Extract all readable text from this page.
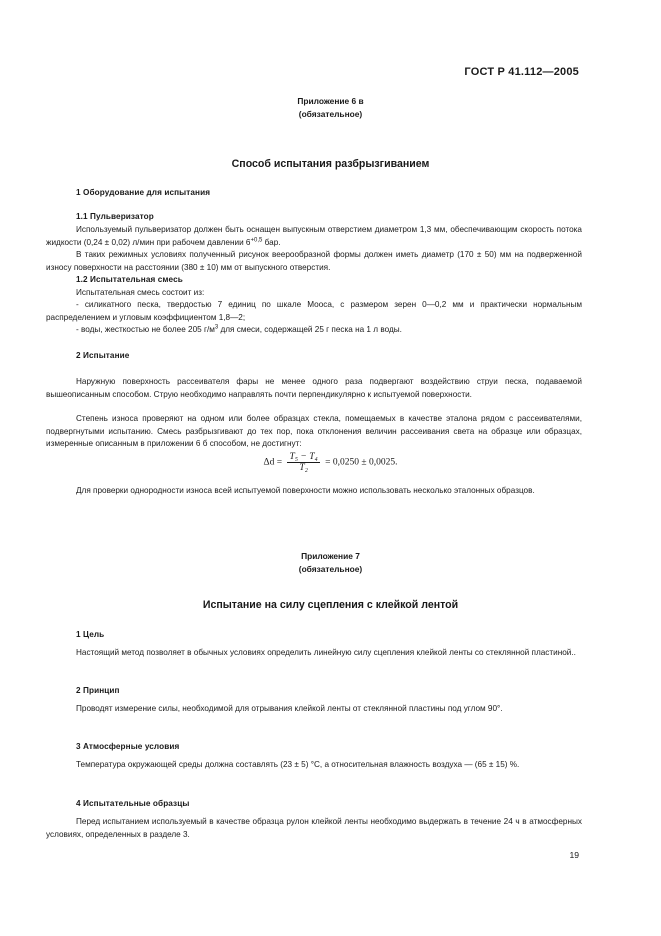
ГОСТ Р 41.112—2005
Приложение 6 в
(обязательное)
Способ испытания разбрызгиванием
1 Оборудование для испытания
1.1 Пульверизатор
Используемый пульверизатор должен быть оснащен выпускным отверстием диаметром 1,3 мм, обеспечивающим скорость потока жидкости (0,24 ± 0,02) л/мин при рабочем давлении $6^{+0,5}$ бар.
В таких режимных условиях полученный рисунок веерообразной формы должен иметь диаметр (170 ± 50) мм на подверженной износу поверхности на расстоянии (380 ± 10) мм от выпускного отверстия.
1.2 Испытательная смесь
Испытательная смесь состоит из:
- силикатного песка, твердостью 7 единиц по шкале Мооса, с размером зерен 0—0,2 мм и практически нормальным распределением и угловым коэффициентом 1,8—2;
- воды, жесткостью не более 205 $г/м^3$ для смеси, содержащей 25 г песка на 1 л воды.
2 Испытание
Наружную поверхность рассеивателя фары не менее одного раза подвергают воздействию струи песка, подаваемой вышеописанным способом. Струю необходимо направлять почти перпендикулярно к испытуемой поверхности.
Степень износа проверяют на одном или более образцах стекла, помещаемых в качестве эталона рядом с рассеивателями, подвергнутыми испытанию. Смесь разбрызгивают до тех пор, пока отклонения величин рассеивания света на образце или образцах, измеренные описанным в приложении 6 б способом, не достигнут:
$\Delta d = \frac{\text{T₅ − T₄}}{\text{T₂}} = 0,0250 \pm 0,0025$.
Для проверки однородности износа всей испытуемой поверхности можно использовать несколько эталонных образцов.
Приложение 7
(обязательное)
Испытание на силу сцепления с клейкой лентой
1 Цель
Настоящий метод позволяет в обычных условиях определить линейную силу сцепления клейкой ленты со стеклянной пластиной..
2 Принцип
Проводят измерение силы, необходимой для отрывания клейкой ленты от стеклянной пластины под углом 90°.
3 Атмосферные условия
Температура окружающей среды должна составлять (23 ± 5) °С, а относительная влажность воздуха — (65 ± 15) %.
4 Испытательные образцы
Перед испытанием используемый в качестве образца рулон клейкой ленты необходимо выдержать в течение 24 ч в атмосферных условиях, определенных в разделе 3.
19
